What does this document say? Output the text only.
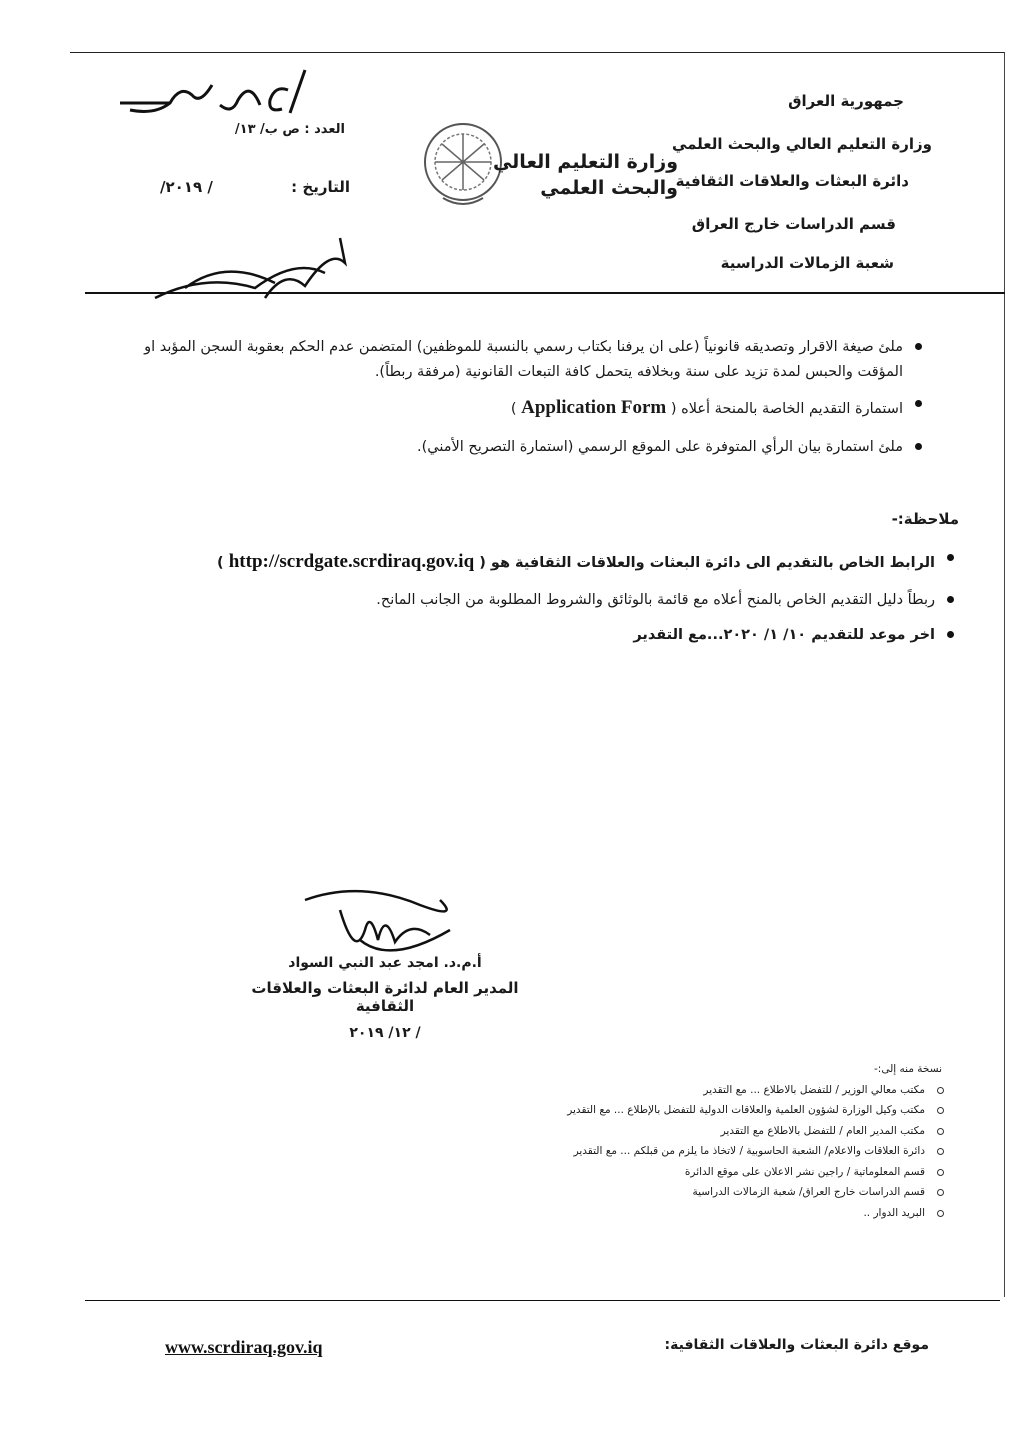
جمهورية العراق
وزارة التعليم العالي والبحث العلمي
دائرة البعثات والعلاقات الثقافية
قسم الدراسات خارج العراق
شعبة الزمالات الدراسية
وزارة التعليم العالي
والبحث العلمي
العدد : ص ب/ ١٣/
التاريخ :
/ ٢٠١٩/
ملئ صيغة الاقرار وتصديقه قانونياً (على ان يرفنا بكتاب رسمي بالنسبة للموظفين) المتضمن عدم الحكم بعقوبة السجن المؤبد او المؤقت والحبس لمدة تزيد على سنة وبخلافه يتحمل كافة التبعات القانونية (مرفقة ربطاً).
استمارة التقديم الخاصة بالمنحة أعلاه ( Application Form )
ملئ استمارة بيان الرأي المتوفرة على الموقع الرسمي (استمارة التصريح الأمني).
ملاحظة:-
الرابط الخاص بالتقديم الى دائرة البعثات والعلاقات الثقافية هو ( http://scrdgate.scrdiraq.gov.iq )
ربطاً دليل التقديم الخاص بالمنح أعلاه مع قائمة بالوثائق والشروط المطلوبة من الجانب المانح.
اخر موعد للتقديم ١٠/ ١/ ٢٠٢٠...مع التقدير
أ.م.د. امجد عبد النبي السواد
المدير العام لدائرة البعثات والعلاقات الثقافية
/ ١٢/ ٢٠١٩
نسخة منه إلى:-
مكتب معالي الوزير / للتفضل بالاطلاع ... مع التقدير
مكتب وكيل الوزارة لشؤون العلمية والعلاقات الدولية للتفضل بالإطلاع ... مع التقدير
مكتب المدير العام / للتفضل بالاطلاع مع التقدير
دائرة العلاقات والاعلام/ الشعبة الحاسوبية / لاتخاذ ما يلزم من قبلكم ... مع التقدير
قسم المعلوماتية / راجين نشر الاعلان على موقع الدائرة
قسم الدراسات خارج العراق/ شعبة الزمالات الدراسية
البريد الدوار ..
www.scrdiraq.gov.iq	موقع دائرة البعثات والعلاقات الثقافية:
